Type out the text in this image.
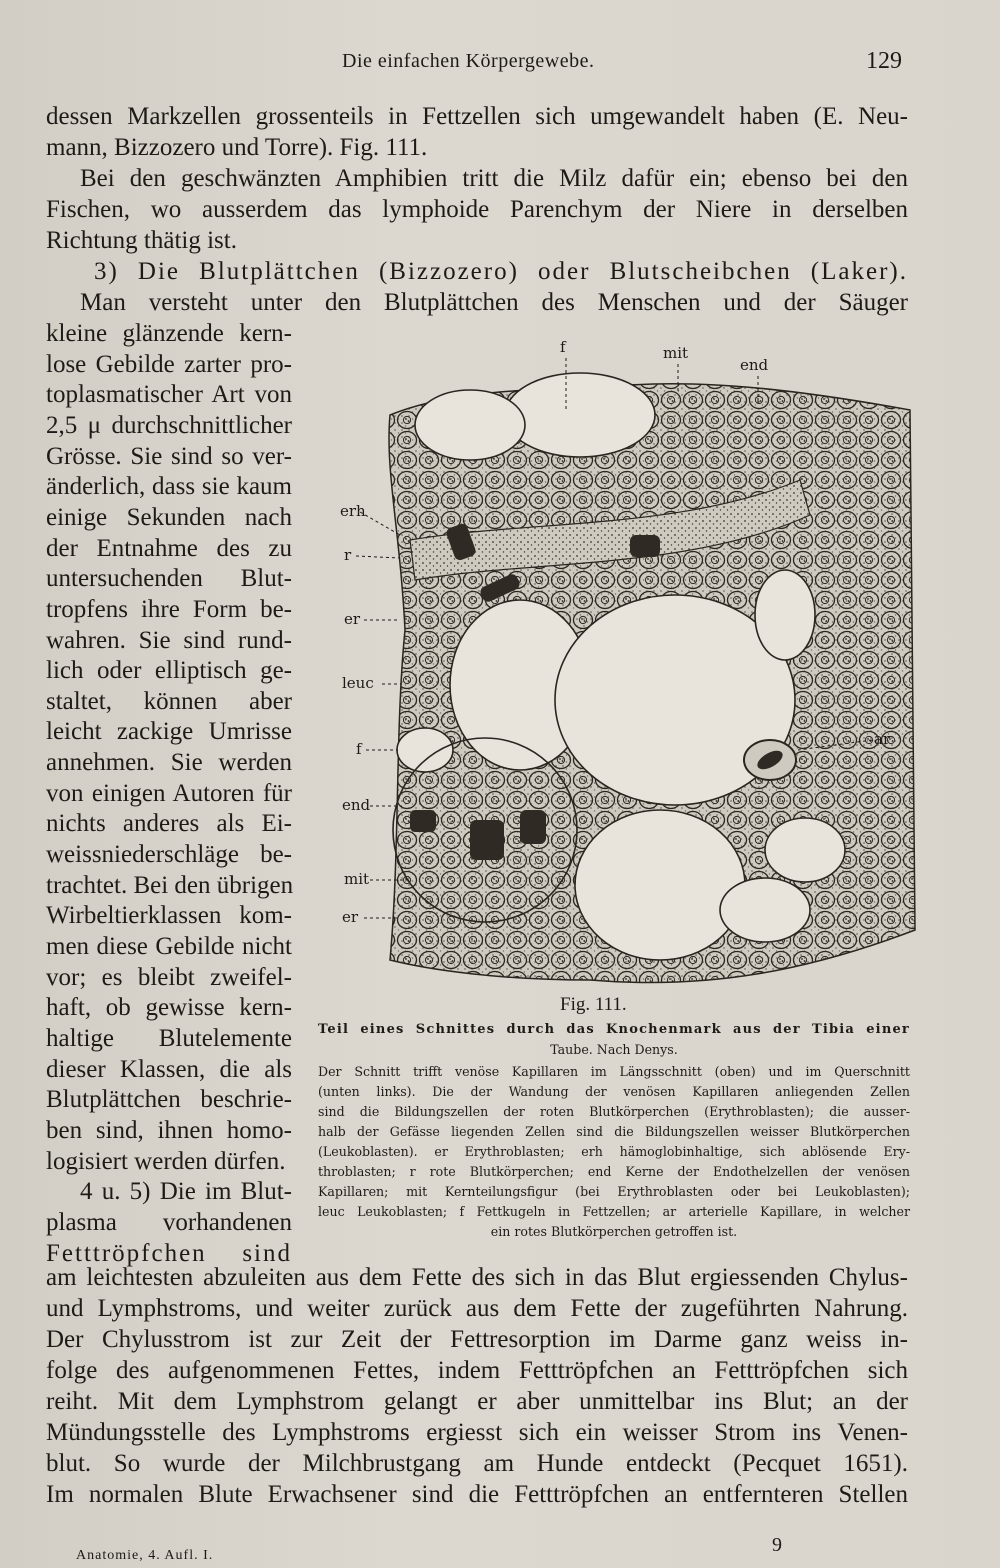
Die einfachen Körpergewebe.	129
dessen Markzellen grossenteils in Fettzellen sich umgewandelt haben (E. Neu-
mann, Bizzozero und Torre). Fig. 111.
Bei den geschwänzten Amphibien tritt die Milz dafür ein; ebenso bei den
Fischen, wo ausserdem das lymphoide Parenchym der Niere in derselben
Richtung thätig ist.
3) Die Blutplättchen (Bizzozero) oder Blutscheibchen (Laker).
Man versteht unter den Blutplättchen des Menschen und der Säuger
kleine glänzende kern-
lose Gebilde zarter pro-
toplasmatischer Art von
2,5 μ durchschnittlicher
Grösse. Sie sind so ver-
änderlich, dass sie kaum
einige Sekunden nach
der Entnahme des zu
untersuchenden Blut-
tropfens ihre Form be-
wahren. Sie sind rund-
lich oder elliptisch ge-
staltet, können aber
leicht zackige Umrisse
annehmen. Sie werden
von einigen Autoren für
nichts anderes als Ei-
weissniederschläge be-
trachtet. Bei den übrigen
Wirbeltierklassen kom-
men diese Gebilde nicht
vor; es bleibt zweifel-
haft, ob gewisse kern-
haltige Blutelemente
dieser Klassen, die als
Blutplättchen beschrie-
ben sind, ihnen homo-
logisiert werden dürfen.
4 u. 5) Die im Blut-
plasma vorhandenen
Fetttröpfchen sind
f	mit
end
erh
r
er
leuc
f
end
mit
er
ar
Fig. 111.
Teil eines Schnittes durch das Knochenmark aus der Tibia einer
Taube. Nach Denys.
Der Schnitt trifft venöse Kapillaren im Längsschnitt (oben) und im Querschnitt
(unten links). Die der Wandung der venösen Kapillaren anliegenden Zellen
sind die Bildungszellen der roten Blutkörperchen (Erythroblasten); die ausser-
halb der Gefässe liegenden Zellen sind die Bildungszellen weisser Blutkörperchen
(Leukoblasten). er Erythroblasten; erh hämoglobinhaltige, sich ablösende Ery-
throblasten; r rote Blutkörperchen; end Kerne der Endothelzellen der venösen
Kapillaren; mit Kernteilungsfigur (bei Erythroblasten oder bei Leukoblasten);
leuc Leukoblasten; f Fettkugeln in Fettzellen; ar arterielle Kapillare, in welcher
ein rotes Blutkörperchen getroffen ist.
am leichtesten abzuleiten aus dem Fette des sich in das Blut ergiessenden Chylus-
und Lymphstroms, und weiter zurück aus dem Fette der zugeführten Nahrung.
Der Chylusstrom ist zur Zeit der Fettresorption im Darme ganz weiss in-
folge des aufgenommenen Fettes, indem Fetttröpfchen an Fetttröpfchen sich
reiht. Mit dem Lymphstrom gelangt er aber unmittelbar ins Blut; an der
Mündungsstelle des Lymphstroms ergiesst sich ein weisser Strom ins Venen-
blut. So wurde der Milchbrustgang am Hunde entdeckt (Pecquet 1651).
Im normalen Blute Erwachsener sind die Fetttröpfchen an entfernteren Stellen
Anatomie, 4. Aufl. I.	9
